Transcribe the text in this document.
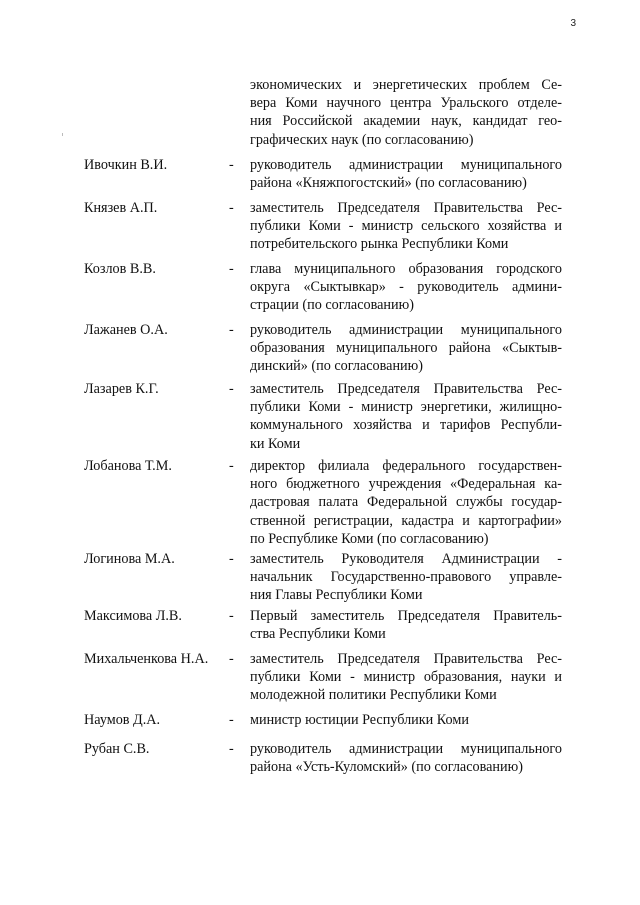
3
экономических и энергетических проблем Се-
вера Коми научного центра Уральского отделе-
ния Российской академии наук, кандидат гео-
графических наук (по согласованию)
Ивочкин В.И.	-	руководитель администрации муниципального
района «Княжпогостский» (по согласованию)
Князев А.П.	-	заместитель Председателя Правительства Рес-
публики Коми - министр сельского хозяйства и
потребительского рынка Республики Коми
Козлов В.В.	-	глава муниципального образования городского
округа «Сыктывкар» - руководитель админи-
страции (по согласованию)
Лажанев О.А.	-	руководитель администрации муниципального
образования муниципального района «Сыктыв-
динский» (по согласованию)
Лазарев К.Г.	-	заместитель Председателя Правительства Рес-
публики Коми - министр энергетики, жилищно-
коммунального хозяйства и тарифов Республи-
ки Коми
Лобанова Т.М.	-	директор филиала федерального государствен-
ного бюджетного учреждения «Федеральная ка-
дастровая палата Федеральной службы государ-
ственной регистрации, кадастра и картографии»
по Республике Коми (по согласованию)
Логинова М.А.	-	заместитель Руководителя Администрации -
начальник Государственно-правового управле-
ния Главы Республики Коми
Максимова Л.В.	-	Первый заместитель Председателя Правитель-
ства Республики Коми
Михальченкова Н.А.	-	заместитель Председателя Правительства Рес-
публики Коми - министр образования, науки и
молодежной политики Республики Коми
Наумов Д.А.	-	министр юстиции Республики Коми
Рубан С.В.	-	руководитель администрации муниципального
района «Усть-Куломский» (по согласованию)
